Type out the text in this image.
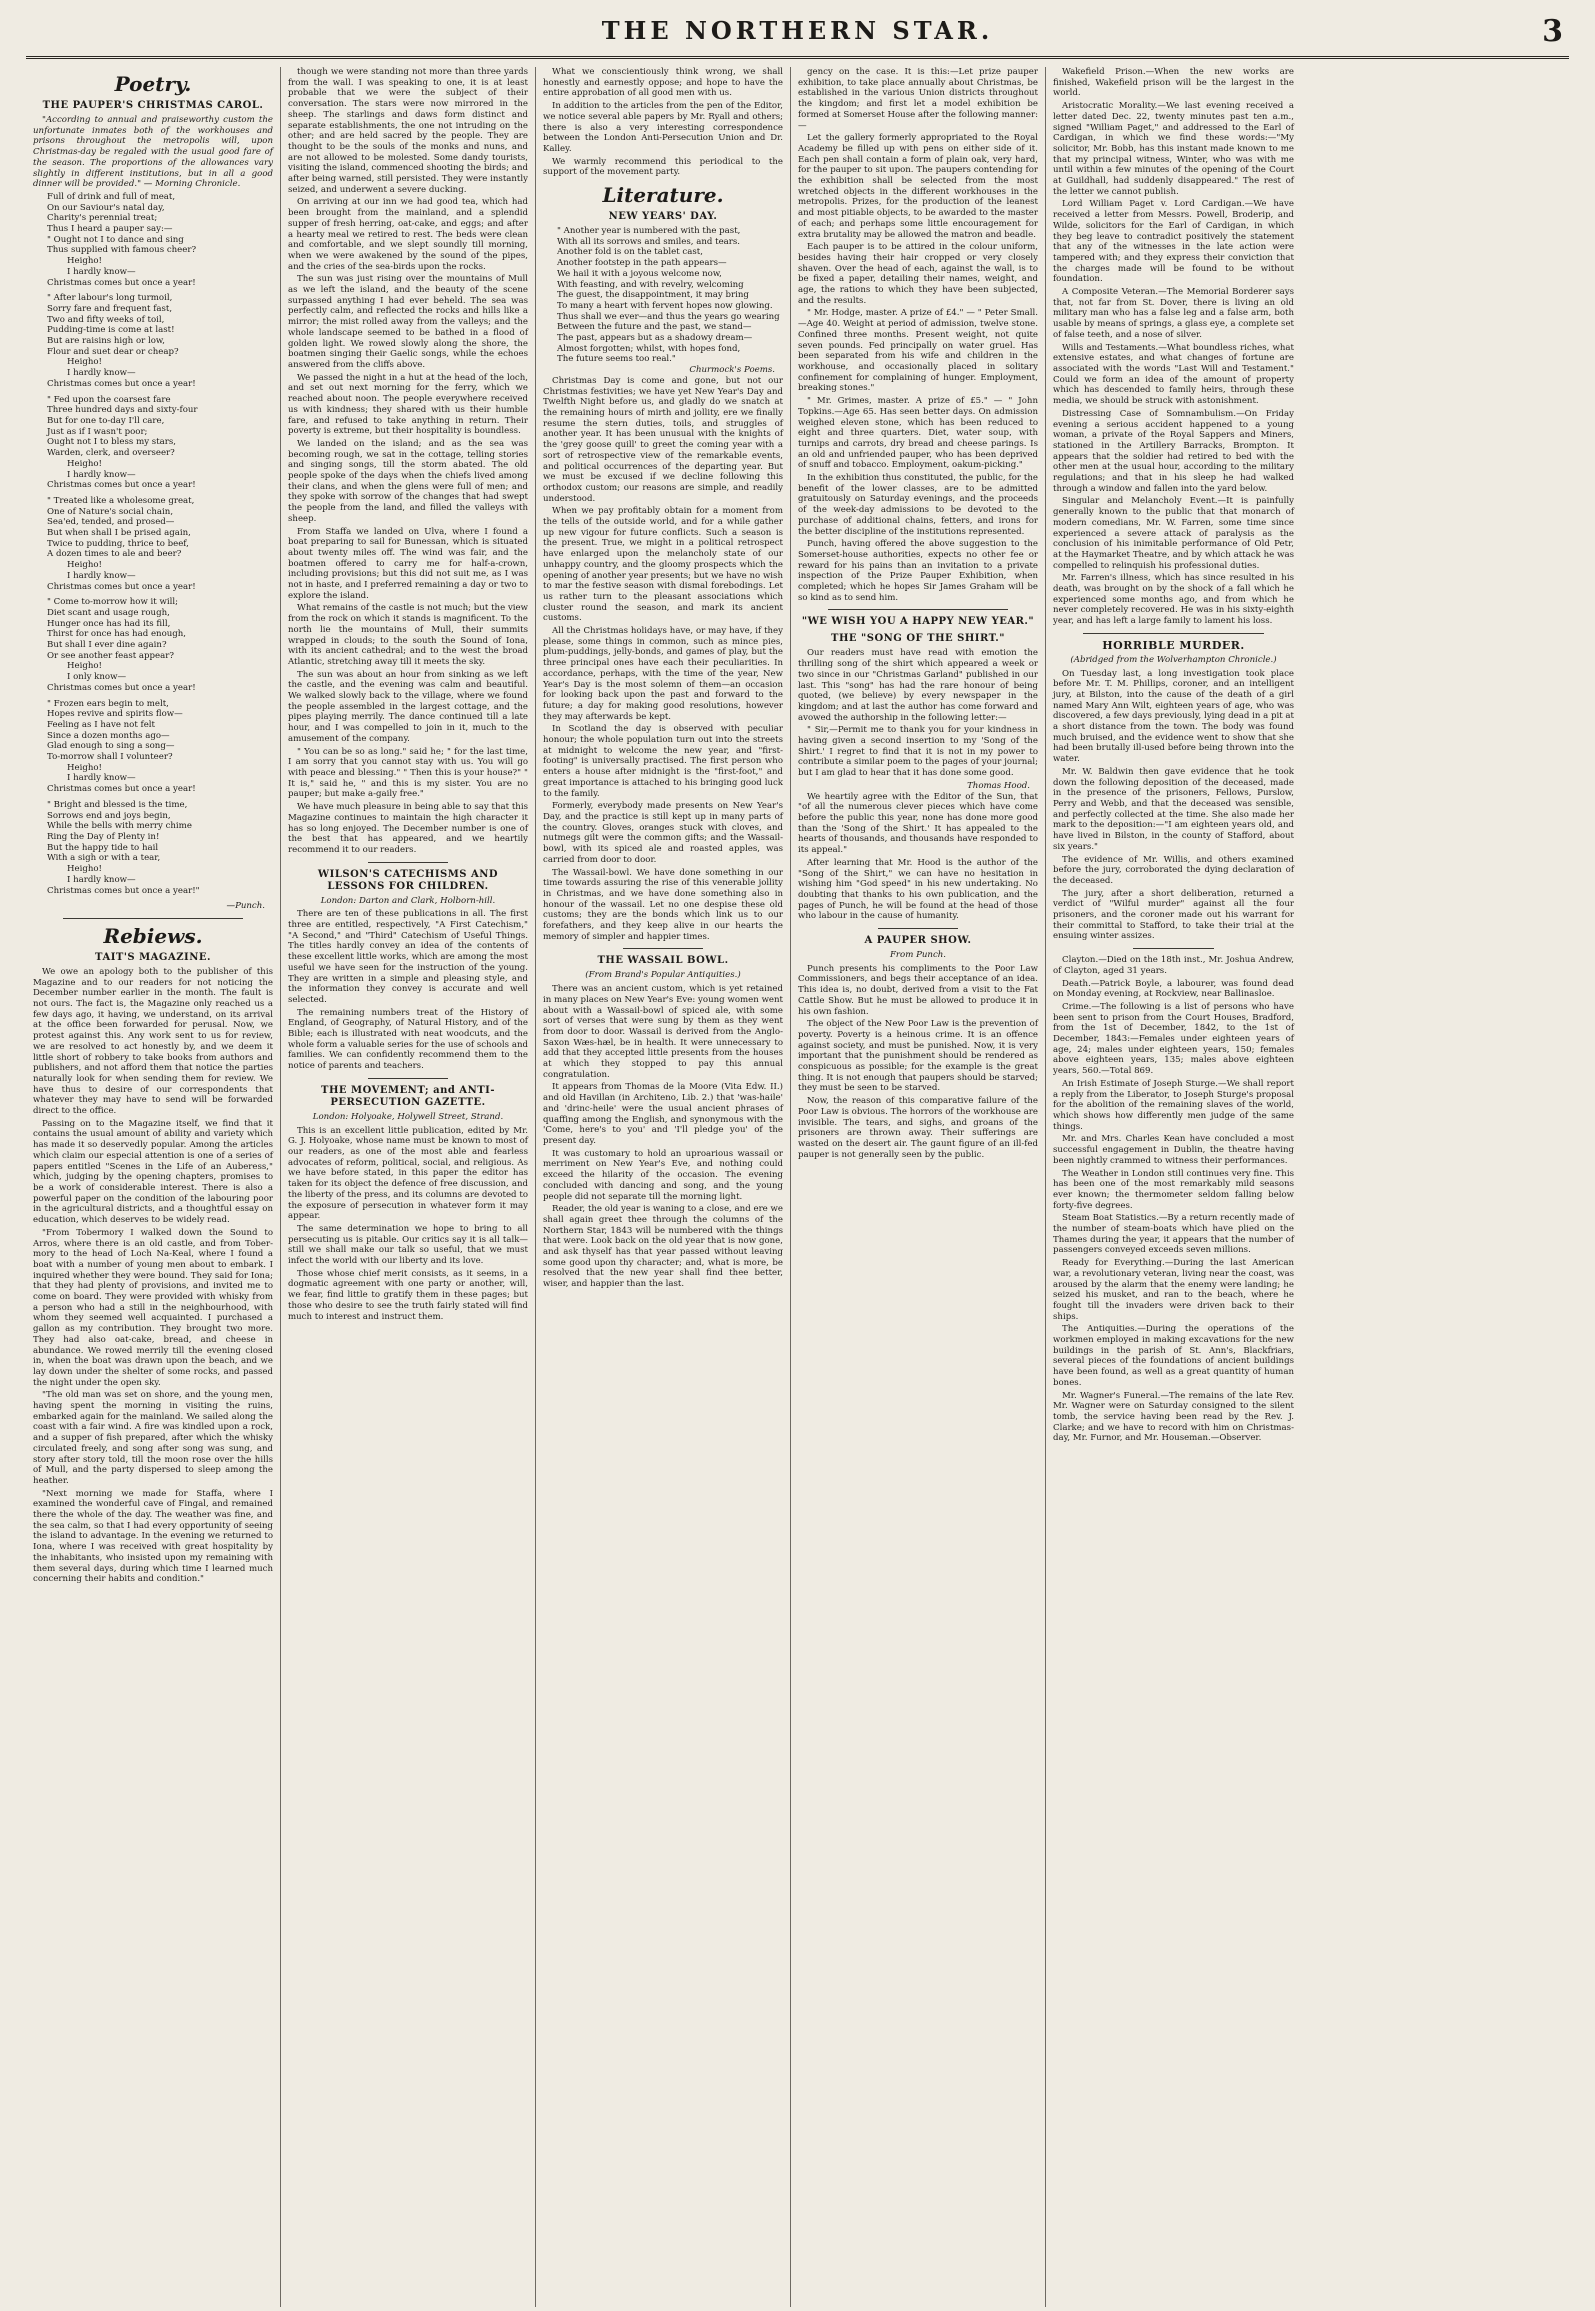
THE NORTHERN STAR.	3
Poetry.
THE PAUPER'S CHRISTMAS CAROL.

"According to annual and praiseworthy custom the unfortunate inmates both of the workhouses and prisons throughout the metropolis will, upon Christmas-day be regaled with the usual good fare of the season. The proportions of the allowances vary slightly in different institutions, but in all a good dinner will be provided." — Morning Chronicle.

Full of drink and full of meat,

On our Saviour's natal day,

Charity's perennial treat;

Thus I heard a pauper say:—

" Ought not I to dance and sing

Thus supplied with famous cheer?

Heigho!

I hardly know—

Christmas comes but once a year!

" After labour's long turmoil,

Sorry fare and frequent fast,

Two and fifty weeks of toil,

Pudding-time is come at last!

But are raisins high or low,

Flour and suet dear or cheap?

Heigho!

I hardly know—

Christmas comes but once a year!

" Fed upon the coarsest fare

Three hundred days and sixty-four

But for one to-day I'll care,

Just as if I wasn't poor;

Ought not I to bless my stars,

Warden, clerk, and overseer?

Heigho!

I hardly know—

Christmas comes but once a year!

" Treated like a wholesome great,

One of Nature's social chain,

Sea'ed, tended, and prosed—

But when shall I be prised again,

Twice to pudding, thrice to beef,

A dozen times to ale and beer?

Heigho!

I hardly know—

Christmas comes but once a year!

" Come to-morrow how it will;

Diet scant and usage rough,

Hunger once has had its fill,

Thirst for once has had enough,

But shall I ever dine again?

Or see another feast appear?

Heigho!

I only know—

Christmas comes but once a year!

" Frozen ears begin to melt,

Hopes revive and spirits flow—

Feeling as I have not felt

Since a dozen months ago—

Glad enough to sing a song—

To-morrow shall I volunteer?

Heigho!

I hardly know—

Christmas comes but once a year!

" Bright and blessed is the time,

Sorrows end and joys begin,

While the bells with merry chime

Ring the Day of Plenty in!

But the happy tide to hail

With a sigh or with a tear,

Heigho!

I hardly know—

Christmas comes but once a year!"

—Punch.
Rebiews.
TAIT'S MAGAZINE.

We owe an apology both to the publisher of this Magazine and to our readers for not noticing the December number earlier in the month. The fault is not ours. The fact is, the Magazine only reached us a few days ago, it having, we understand, on its arrival at the office been forwarded for perusal. Now, we protest against this. Any work sent to us for review, we are resolved to act honestly by, and we deem it little short of robbery to take books from authors and publishers, and not afford them that notice the parties naturally look for when sending them for review. We have thus to desire of our correspondents that whatever they may have to send will be forwarded direct to the office.

Passing on to the Magazine itself, we find that it contains the usual amount of ability and variety which has made it so deservedly popular. Among the articles which claim our especial attention is one of a series of papers entitled "Scenes in the Life of an Auberess," which, judging by the opening chapters, promises to be a work of considerable interest. There is also a powerful paper on the condition of the labouring poor in the agricultural districts, and a thoughtful essay on education, which deserves to be widely read.

"From Tobermory I walked down the Sound to Arros, where there is an old castle, and from Tober-mory to the head of Loch Na-Keal, where I found a boat with a number of young men about to embark. I inquired whether they were bound. They said for Iona; that they had plenty of provisions, and invited me to come on board. They were provided with whisky from a person who had a still in the neighbourhood, with whom they seemed well acquainted. I purchased a gallon as my contribution. They brought two more. They had also oat-cake, bread, and cheese in abundance. We rowed merrily till the evening closed in, when the boat was drawn upon the beach, and we lay down under the shelter of some rocks, and passed the night under the open sky.

"The old man was set on shore, and the young men, having spent the morning in visiting the ruins, embarked again for the mainland. We sailed along the coast with a fair wind. A fire was kindled upon a rock, and a supper of fish prepared, after which the whisky circulated freely, and song after song was sung, and story after story told, till the moon rose over the hills of Mull, and the party dispersed to sleep among the heather.

"Next morning we made for Staffa, where I examined the wonderful cave of Fingal, and remained there the whole of the day. The weather was fine, and the sea calm, so that I had every opportunity of seeing the island to advantage. In the evening we returned to Iona, where I was received with great hospitality by the inhabitants, who insisted upon my remaining with them several days, during which time I learned much concerning their habits and condition."

though we were standing not more than three yards from the wall. I was speaking to one, it is at least probable that we were the subject of their conversation. The stars were now mirrored in the sheep. The starlings and daws form distinct and separate establishments, the one not intruding on the other; and are held sacred by the people. They are thought to be the souls of the monks and nuns, and are not allowed to be molested. Some dandy tourists, visiting the island, commenced shooting the birds; and after being warned, still persisted. They were instantly seized, and underwent a severe ducking.

On arriving at our inn we had good tea, which had been brought from the mainland, and a splendid supper of fresh herring, oat-cake, and eggs; and after a hearty meal we retired to rest. The beds were clean and comfortable, and we slept soundly till morning, when we were awakened by the sound of the pipes, and the cries of the sea-birds upon the rocks.

The sun was just rising over the mountains of Mull as we left the island, and the beauty of the scene surpassed anything I had ever beheld. The sea was perfectly calm, and reflected the rocks and hills like a mirror; the mist rolled away from the valleys; and the whole landscape seemed to be bathed in a flood of golden light. We rowed slowly along the shore, the boatmen singing their Gaelic songs, while the echoes answered from the cliffs above.

We passed the night in a hut at the head of the loch, and set out next morning for the ferry, which we reached about noon. The people everywhere received us with kindness; they shared with us their humble fare, and refused to take anything in return. Their poverty is extreme, but their hospitality is boundless.

We landed on the island; and as the sea was becoming rough, we sat in the cottage, telling stories and singing songs, till the storm abated. The old people spoke of the days when the chiefs lived among their clans, and when the glens were full of men; and they spoke with sorrow of the changes that had swept the people from the land, and filled the valleys with sheep.

From Staffa we landed on Ulva, where I found a boat preparing to sail for Bunessan, which is situated about twenty miles off. The wind was fair, and the boatmen offered to carry me for half-a-crown, including provisions; but this did not suit me, as I was not in haste, and I preferred remaining a day or two to explore the island.

What remains of the castle is not much; but the view from the rock on which it stands is magnificent. To the north lie the mountains of Mull, their summits wrapped in clouds; to the south the Sound of Iona, with its ancient cathedral; and to the west the broad Atlantic, stretching away till it meets the sky.

The sun was about an hour from sinking as we left the castle, and the evening was calm and beautiful. We walked slowly back to the village, where we found the people assembled in the largest cottage, and the pipes playing merrily. The dance continued till a late hour, and I was compelled to join in it, much to the amusement of the company.

" You can be so as long." said he; " for the last time, I am sorry that you cannot stay with us. You will go with peace and blessing." " Then this is your house?" " It is," said he, " and this is my sister. You are no pauper; but make a-gaily free."

We have much pleasure in being able to say that this Magazine continues to maintain the high character it has so long enjoyed. The December number is one of the best that has appeared, and we heartily recommend it to our readers.

WILSON'S CATECHISMS AND LESSONS FOR CHILDREN.
London: Darton and Clark, Holborn-hill.

There are ten of these publications in all. The first three are entitled, respectively, "A First Catechism," "A Second," and "Third" Catechism of Useful Things. The titles hardly convey an idea of the contents of these excellent little works, which are among the most useful we have seen for the instruction of the young. They are written in a simple and pleasing style, and the information they convey is accurate and well selected.

The remaining numbers treat of the History of England, of Geography, of Natural History, and of the Bible; each is illustrated with neat woodcuts, and the whole form a valuable series for the use of schools and families. We can confidently recommend them to the notice of parents and teachers.

THE MOVEMENT; and ANTI-PERSECUTION GAZETTE.
London: Holyoake, Holywell Street, Strand.

This is an excellent little publication, edited by Mr. G. J. Holyoake, whose name must be known to most of our readers, as one of the most able and fearless advocates of reform, political, social, and religious. As we have before stated, in this paper the editor has taken for its object the defence of free discussion, and the liberty of the press, and its columns are devoted to the exposure of persecution in whatever form it may appear.

The same determination we hope to bring to all persecuting us is pitable. Our critics say it is all talk—still we shall make our talk so useful, that we must infect the world with our liberty and its love.

Those whose chief merit consists, as it seems, in a dogmatic agreement with one party or another, will, we fear, find little to gratify them in these pages; but those who desire to see the truth fairly stated will find much to interest and instruct them.

What we conscientiously think wrong, we shall honestly and earnestly oppose; and hope to have the entire approbation of all good men with us.

In addition to the articles from the pen of the Editor, we notice several able papers by Mr. Ryall and others; there is also a very interesting correspondence between the London Anti-Persecution Union and Dr. Kalley.

We warmly recommend this periodical to the support of the movement party.

Literature.
NEW YEARS' DAY.

" Another year is numbered with the past,

With all its sorrows and smiles, and tears.

Another fold is on the tablet cast,

Another footstep in the path appears—

We hail it with a joyous welcome now,

With feasting, and with revelry, welcoming

The guest, the disappointment, it may bring

To many a heart with fervent hopes now glowing.

Thus shall we ever—and thus the years go wearing

Between the future and the past, we stand—

The past, appears but as a shadowy dream—

Almost forgotten; whilst, with hopes fond,

The future seems too real."

Churmock's Poems.

Christmas Day is come and gone, but not our Christmas festivities; we have yet New Year's Day and Twelfth Night before us, and gladly do we snatch at the remaining hours of mirth and jollity, ere we finally resume the stern duties, toils, and struggles of another year. It has been unusual with the knights of the 'grey goose quill' to greet the coming year with a sort of retrospective view of the remarkable events, and political occurrences of the departing year. But we must be excused if we decline following this orthodox custom; our reasons are simple, and readily understood.

When we pay profitably obtain for a moment from the tells of the outside world, and for a while gather up new vigour for future conflicts. Such a season is the present. True, we might in a political retrospect have enlarged upon the melancholy state of our unhappy country, and the gloomy prospects which the opening of another year presents; but we have no wish to mar the festive season with dismal forebodings. Let us rather turn to the pleasant associations which cluster round the season, and mark its ancient customs.

All the Christmas holidays have, or may have, if they please, some things in common, such as mince pies, plum-puddings, jelly-bonds, and games of play, but the three principal ones have each their peculiarities. In accordance, perhaps, with the time of the year, New Year's Day is the most solemn of them—an occasion for looking back upon the past and forward to the future; a day for making good resolutions, however they may afterwards be kept.

In Scotland the day is observed with peculiar honour; the whole population turn out into the streets at midnight to welcome the new year, and "first-footing" is universally practised. The first person who enters a house after midnight is the "first-foot," and great importance is attached to his bringing good luck to the family.

Formerly, everybody made presents on New Year's Day, and the practice is still kept up in many parts of the country. Gloves, oranges stuck with cloves, and nutmegs gilt were the common gifts; and the Wassail-bowl, with its spiced ale and roasted apples, was carried from door to door.

The Wassail-bowl. We have done something in our time towards assuring the rise of this venerable jollity in Christmas, and we have done something also in honour of the wassail. Let no one despise these old customs; they are the bonds which link us to our forefathers, and they keep alive in our hearts the memory of simpler and happier times.

THE WASSAIL BOWL.
(From Brand's Popular Antiquities.)

There was an ancient custom, which is yet retained in many places on New Year's Eve: young women went about with a Wassail-bowl of spiced ale, with some sort of verses that were sung by them as they went from door to door. Wassail is derived from the Anglo-Saxon Wæs-hæl, be in health. It were unnecessary to add that they accepted little presents from the houses at which they stopped to pay this annual congratulation.

It appears from Thomas de la Moore (Vita Edw. II.) and old Havillan (in Architeno, Lib. 2.) that 'was-haile' and 'drinc-heile' were the usual ancient phrases of quaffing among the English, and synonymous with the 'Come, here's to you' and 'I'll pledge you' of the present day.

It was customary to hold an uproarious wassail or merriment on New Year's Eve, and nothing could exceed the hilarity of the occasion. The evening concluded with dancing and song, and the young people did not separate till the morning light.

Reader, the old year is waning to a close, and ere we shall again greet thee through the columns of the Northern Star, 1843 will be numbered with the things that were. Look back on the old year that is now gone, and ask thyself has that year passed without leaving some good upon thy character; and, what is more, be resolved that the new year shall find thee better, wiser, and happier than the last.

gency on the case. It is this:—Let prize pauper exhibition, to take place annually about Christmas, be established in the various Union districts throughout the kingdom; and first let a model exhibition be formed at Somerset House after the following manner:—

Let the gallery formerly appropriated to the Royal Academy be filled up with pens on either side of it. Each pen shall contain a form of plain oak, very hard, for the pauper to sit upon. The paupers contending for the exhibition shall be selected from the most wretched objects in the different workhouses in the metropolis. Prizes, for the production of the leanest and most pitiable objects, to be awarded to the master of each; and perhaps some little encouragement for extra brutality may be allowed the matron and beadle.

Each pauper is to be attired in the colour uniform, besides having their hair cropped or very closely shaven. Over the head of each, against the wall, is to be fixed a paper, detailing their names, weight, and age, the rations to which they have been subjected, and the results.

" Mr. Hodge, master. A prize of £4." — " Peter Small.—Age 40. Weight at period of admission, twelve stone. Confined three months. Present weight, not quite seven pounds. Fed principally on water gruel. Has been separated from his wife and children in the workhouse, and occasionally placed in solitary confinement for complaining of hunger. Employment, breaking stones."

" Mr. Grimes, master. A prize of £5." — " John Topkins.—Age 65. Has seen better days. On admission weighed eleven stone, which has been reduced to eight and three quarters. Diet, water soup, with turnips and carrots, dry bread and cheese parings. Is an old and unfriended pauper, who has been deprived of snuff and tobacco. Employment, oakum-picking."

In the exhibition thus constituted, the public, for the benefit of the lower classes, are to be admitted gratuitously on Saturday evenings, and the proceeds of the week-day admissions to be devoted to the purchase of additional chains, fetters, and irons for the better discipline of the institutions represented.

Punch, having offered the above suggestion to the Somerset-house authorities, expects no other fee or reward for his pains than an invitation to a private inspection of the Prize Pauper Exhibition, when completed; which he hopes Sir James Graham will be so kind as to send him.

"WE WISH YOU A HAPPY NEW YEAR."
THE "SONG OF THE SHIRT."

Our readers must have read with emotion the thrilling song of the shirt which appeared a week or two since in our "Christmas Garland" published in our last. This "song" has had the rare honour of being quoted, (we believe) by every newspaper in the kingdom; and at last the author has come forward and avowed the authorship in the following letter:—

" Sir,—Permit me to thank you for your kindness in having given a second insertion to my 'Song of the Shirt.' I regret to find that it is not in my power to contribute a similar poem to the pages of your journal; but I am glad to hear that it has done some good.

Thomas Hood.

We heartily agree with the Editor of the Sun, that "of all the numerous clever pieces which have come before the public this year, none has done more good than the 'Song of the Shirt.' It has appealed to the hearts of thousands, and thousands have responded to its appeal."

After learning that Mr. Hood is the author of the "Song of the Shirt," we can have no hesitation in wishing him "God speed" in his new undertaking. No doubting that thanks to his own publication, and the pages of Punch, he will be found at the head of those who labour in the cause of humanity.

A PAUPER SHOW.
From Punch.

Punch presents his compliments to the Poor Law Commissioners, and begs their acceptance of an idea. This idea is, no doubt, derived from a visit to the Fat Cattle Show. But he must be allowed to produce it in his own fashion.

The object of the New Poor Law is the prevention of poverty. Poverty is a heinous crime. It is an offence against society, and must be punished. Now, it is very important that the punishment should be rendered as conspicuous as possible; for the example is the great thing. It is not enough that paupers should be starved; they must be seen to be starved.

Now, the reason of this comparative failure of the Poor Law is obvious. The horrors of the workhouse are invisible. The tears, and sighs, and groans of the prisoners are thrown away. Their sufferings are wasted on the desert air. The gaunt figure of an ill-fed pauper is not generally seen by the public.

Wakefield Prison.—When the new works are finished, Wakefield prison will be the largest in the world.

Aristocratic Morality.—We last evening received a letter dated Dec. 22, twenty minutes past ten a.m., signed "William Paget," and addressed to the Earl of Cardigan, in which we find these words:—"My solicitor, Mr. Bobb, has this instant made known to me that my principal witness, Winter, who was with me until within a few minutes of the opening of the Court at Guildhall, had suddenly disappeared." The rest of the letter we cannot publish.

Lord William Paget v. Lord Cardigan.—We have received a letter from Messrs. Powell, Broderip, and Wilde, solicitors for the Earl of Cardigan, in which they beg leave to contradict positively the statement that any of the witnesses in the late action were tampered with; and they express their conviction that the charges made will be found to be without foundation.

A Composite Veteran.—The Memorial Borderer says that, not far from St. Dover, there is living an old military man who has a false leg and a false arm, both usable by means of springs, a glass eye, a complete set of false teeth, and a nose of silver.

Wills and Testaments.—What boundless riches, what extensive estates, and what changes of fortune are associated with the words "Last Will and Testament." Could we form an idea of the amount of property which has descended to family heirs, through these media, we should be struck with astonishment.

Distressing Case of Somnambulism.—On Friday evening a serious accident happened to a young woman, a private of the Royal Sappers and Miners, stationed in the Artillery Barracks, Brompton. It appears that the soldier had retired to bed with the other men at the usual hour, according to the military regulations; and that in his sleep he had walked through a window and fallen into the yard below.

Singular and Melancholy Event.—It is painfully generally known to the public that that monarch of modern comedians, Mr. W. Farren, some time since experienced a severe attack of paralysis as the conclusion of his inimitable performance of Old Petr, at the Haymarket Theatre, and by which attack he was compelled to relinquish his professional duties.

Mr. Farren's illness, which has since resulted in his death, was brought on by the shock of a fall which he experienced some months ago, and from which he never completely recovered. He was in his sixty-eighth year, and has left a large family to lament his loss.

HORRIBLE MURDER.
(Abridged from the Wolverhampton Chronicle.)

On Tuesday last, a long investigation took place before Mr. T. M. Phillips, coroner, and an intelligent jury, at Bilston, into the cause of the death of a girl named Mary Ann Wilt, eighteen years of age, who was discovered, a few days previously, lying dead in a pit at a short distance from the town. The body was found much bruised, and the evidence went to show that she had been brutally ill-used before being thrown into the water.

Mr. W. Baldwin then gave evidence that he took down the following deposition of the deceased, made in the presence of the prisoners, Fellows, Purslow, Perry and Webb, and that the deceased was sensible, and perfectly collected at the time. She also made her mark to the deposition:—"I am eighteen years old, and have lived in Bilston, in the county of Stafford, about six years."

The evidence of Mr. Willis, and others examined before the jury, corroborated the dying declaration of the deceased.

The jury, after a short deliberation, returned a verdict of "Wilful murder" against all the four prisoners, and the coroner made out his warrant for their committal to Stafford, to take their trial at the ensuing winter assizes.

Clayton.—Died on the 18th inst., Mr. Joshua Andrew, of Clayton, aged 31 years.

Death.—Patrick Boyle, a labourer, was found dead on Monday evening, at Rockview, near Ballinasloe.

Crime.—The following is a list of persons who have been sent to prison from the Court Houses, Bradford, from the 1st of December, 1842, to the 1st of December, 1843:—Females under eighteen years of age, 24; males under eighteen years, 150; females above eighteen years, 135; males above eighteen years, 560.—Total 869.

An Irish Estimate of Joseph Sturge.—We shall report a reply from the Liberator, to Joseph Sturge's proposal for the abolition of the remaining slaves of the world, which shows how differently men judge of the same things.

Mr. and Mrs. Charles Kean have concluded a most successful engagement in Dublin, the theatre having been nightly crammed to witness their performances.

The Weather in London still continues very fine. This has been one of the most remarkably mild seasons ever known; the thermometer seldom falling below forty-five degrees.

Steam Boat Statistics.—By a return recently made of the number of steam-boats which have plied on the Thames during the year, it appears that the number of passengers conveyed exceeds seven millions.

Ready for Everything.—During the last American war, a revolutionary veteran, living near the coast, was aroused by the alarm that the enemy were landing; he seized his musket, and ran to the beach, where he fought till the invaders were driven back to their ships.

The Antiquities.—During the operations of the workmen employed in making excavations for the new buildings in the parish of St. Ann's, Blackfriars, several pieces of the foundations of ancient buildings have been found, as well as a great quantity of human bones.

Mr. Wagner's Funeral.—The remains of the late Rev. Mr. Wagner were on Saturday consigned to the silent tomb, the service having been read by the Rev. J. Clarke; and we have to record with him on Christmas-day, Mr. Furnor, and Mr. Houseman.—Observer.
